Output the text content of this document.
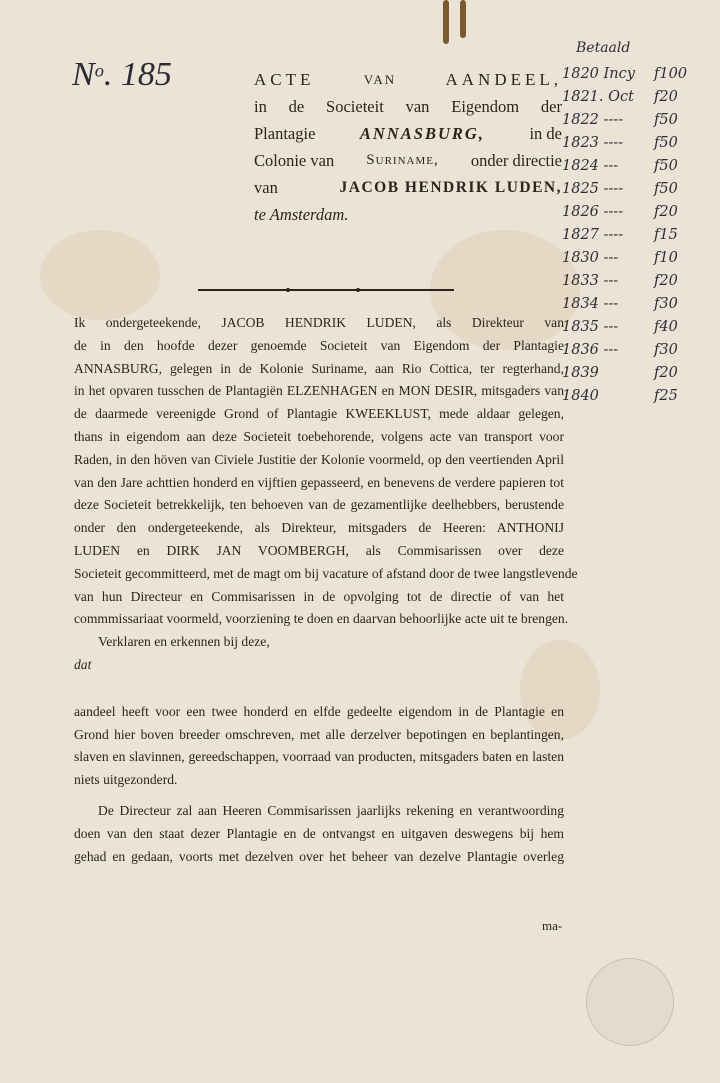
$N^o$. 185	ACTE	VAN	AANDEEL,
in de Societeit van Eigendom der
Plantagie	ANNASBURG,	in de
Colonie van Suriname, onder directie
van	JACOB HENDRIK LUDEN,
te Amsterdam.

Ik ondergeteekende, JACOB HENDRIK LUDEN, als Direkteur van

de in den hoofde dezer genoemde Societeit van Eigendom der Plantagie

ANNASBURG, gelegen in de Kolonie Suriname, aan Rio Cottica, ter regterhand,

in het opvaren tusschen de Plantagiën ELZENHAGEN en MON DESIR, mitsgaders van

de daarmede vereenigde Grond of Plantagie KWEEKLUST, mede aldaar gelegen,

thans in eigendom aan deze Societeit toebehorende, volgens acte van transport voor

Raden, in den höven van Civiele Justitie der Kolonie voormeld, op den veertienden April

van den Jare achttien honderd en vijftien gepasseerd, en benevens de verdere papieren tot

deze Societeit betrekkelijk, ten behoeven van de gezamentlijke deelhebbers, berustende

onder den ondergeteekende, als Direkteur, mitsgaders de Heeren: ANTHONIJ

LUDEN en DIRK JAN VOOMBERGH, als Commisarissen over deze

Societeit gecommitteerd, met de magt om bij vacature of afstand door de twee langstlevende

van hun Directeur en Commisarissen in de opvolging tot de directie of van het

commmissariaat voormeld, voorziening te doen en daarvan behoorlijke acte uit te brengen.

Verklaren en erkennen bij deze,

dat

aandeel heeft voor een twee honderd en elfde gedeelte eigendom in de Plantagie en

Grond hier boven breeder omschreven, met alle derzelver bepotingen en beplantingen,

slaven en slavinnen, gereedschappen, voorraad van producten, mitsgaders baten en lasten

niets uitgezonderd.

De Directeur zal aan Heeren Commisarissen jaarlijks rekening en verantwoording

doen van den staat dezer Plantagie en de ontvangst en uitgaven deswegens bij hem

gehad en gedaan, voorts met dezelven over het beheer van dezelve Plantagie overleg

ma-
Betaald
1820 Incy	f100
1821. Oct	f20
1822 ----	f50
1823 ----	f50
1824 ---	f50
1825 ----	f50
1826 ----	f20
1827 ----	f15
1830 ---	f10
1833 ---	f20
1834 ---	f30
1835 ---	f40
1836 ---	f30
1839	f20
1840	f25
